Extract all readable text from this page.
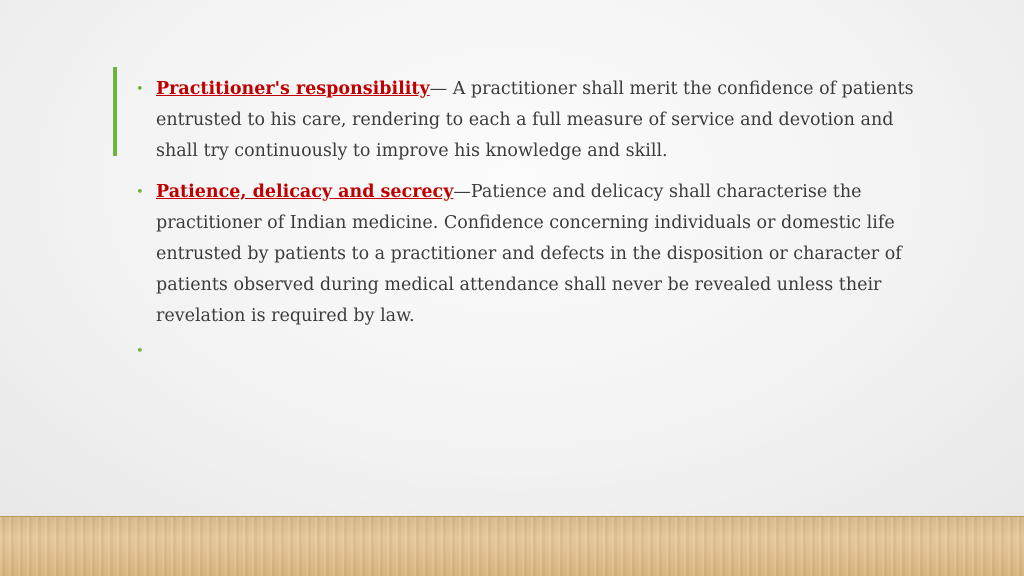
• Practitioner's responsibility— A practitioner shall merit the confidence of patients entrusted to his care, rendering to each a full measure of service and devotion and shall try continuously to improve his knowledge and skill.
• Patience, delicacy and secrecy—Patience and delicacy shall characterise the practitioner of Indian medicine. Confidence concerning individuals or domestic life entrusted by patients to a practitioner and defects in the disposition or character of patients observed during medical attendance shall never be revealed unless their revelation is required by law.
•
